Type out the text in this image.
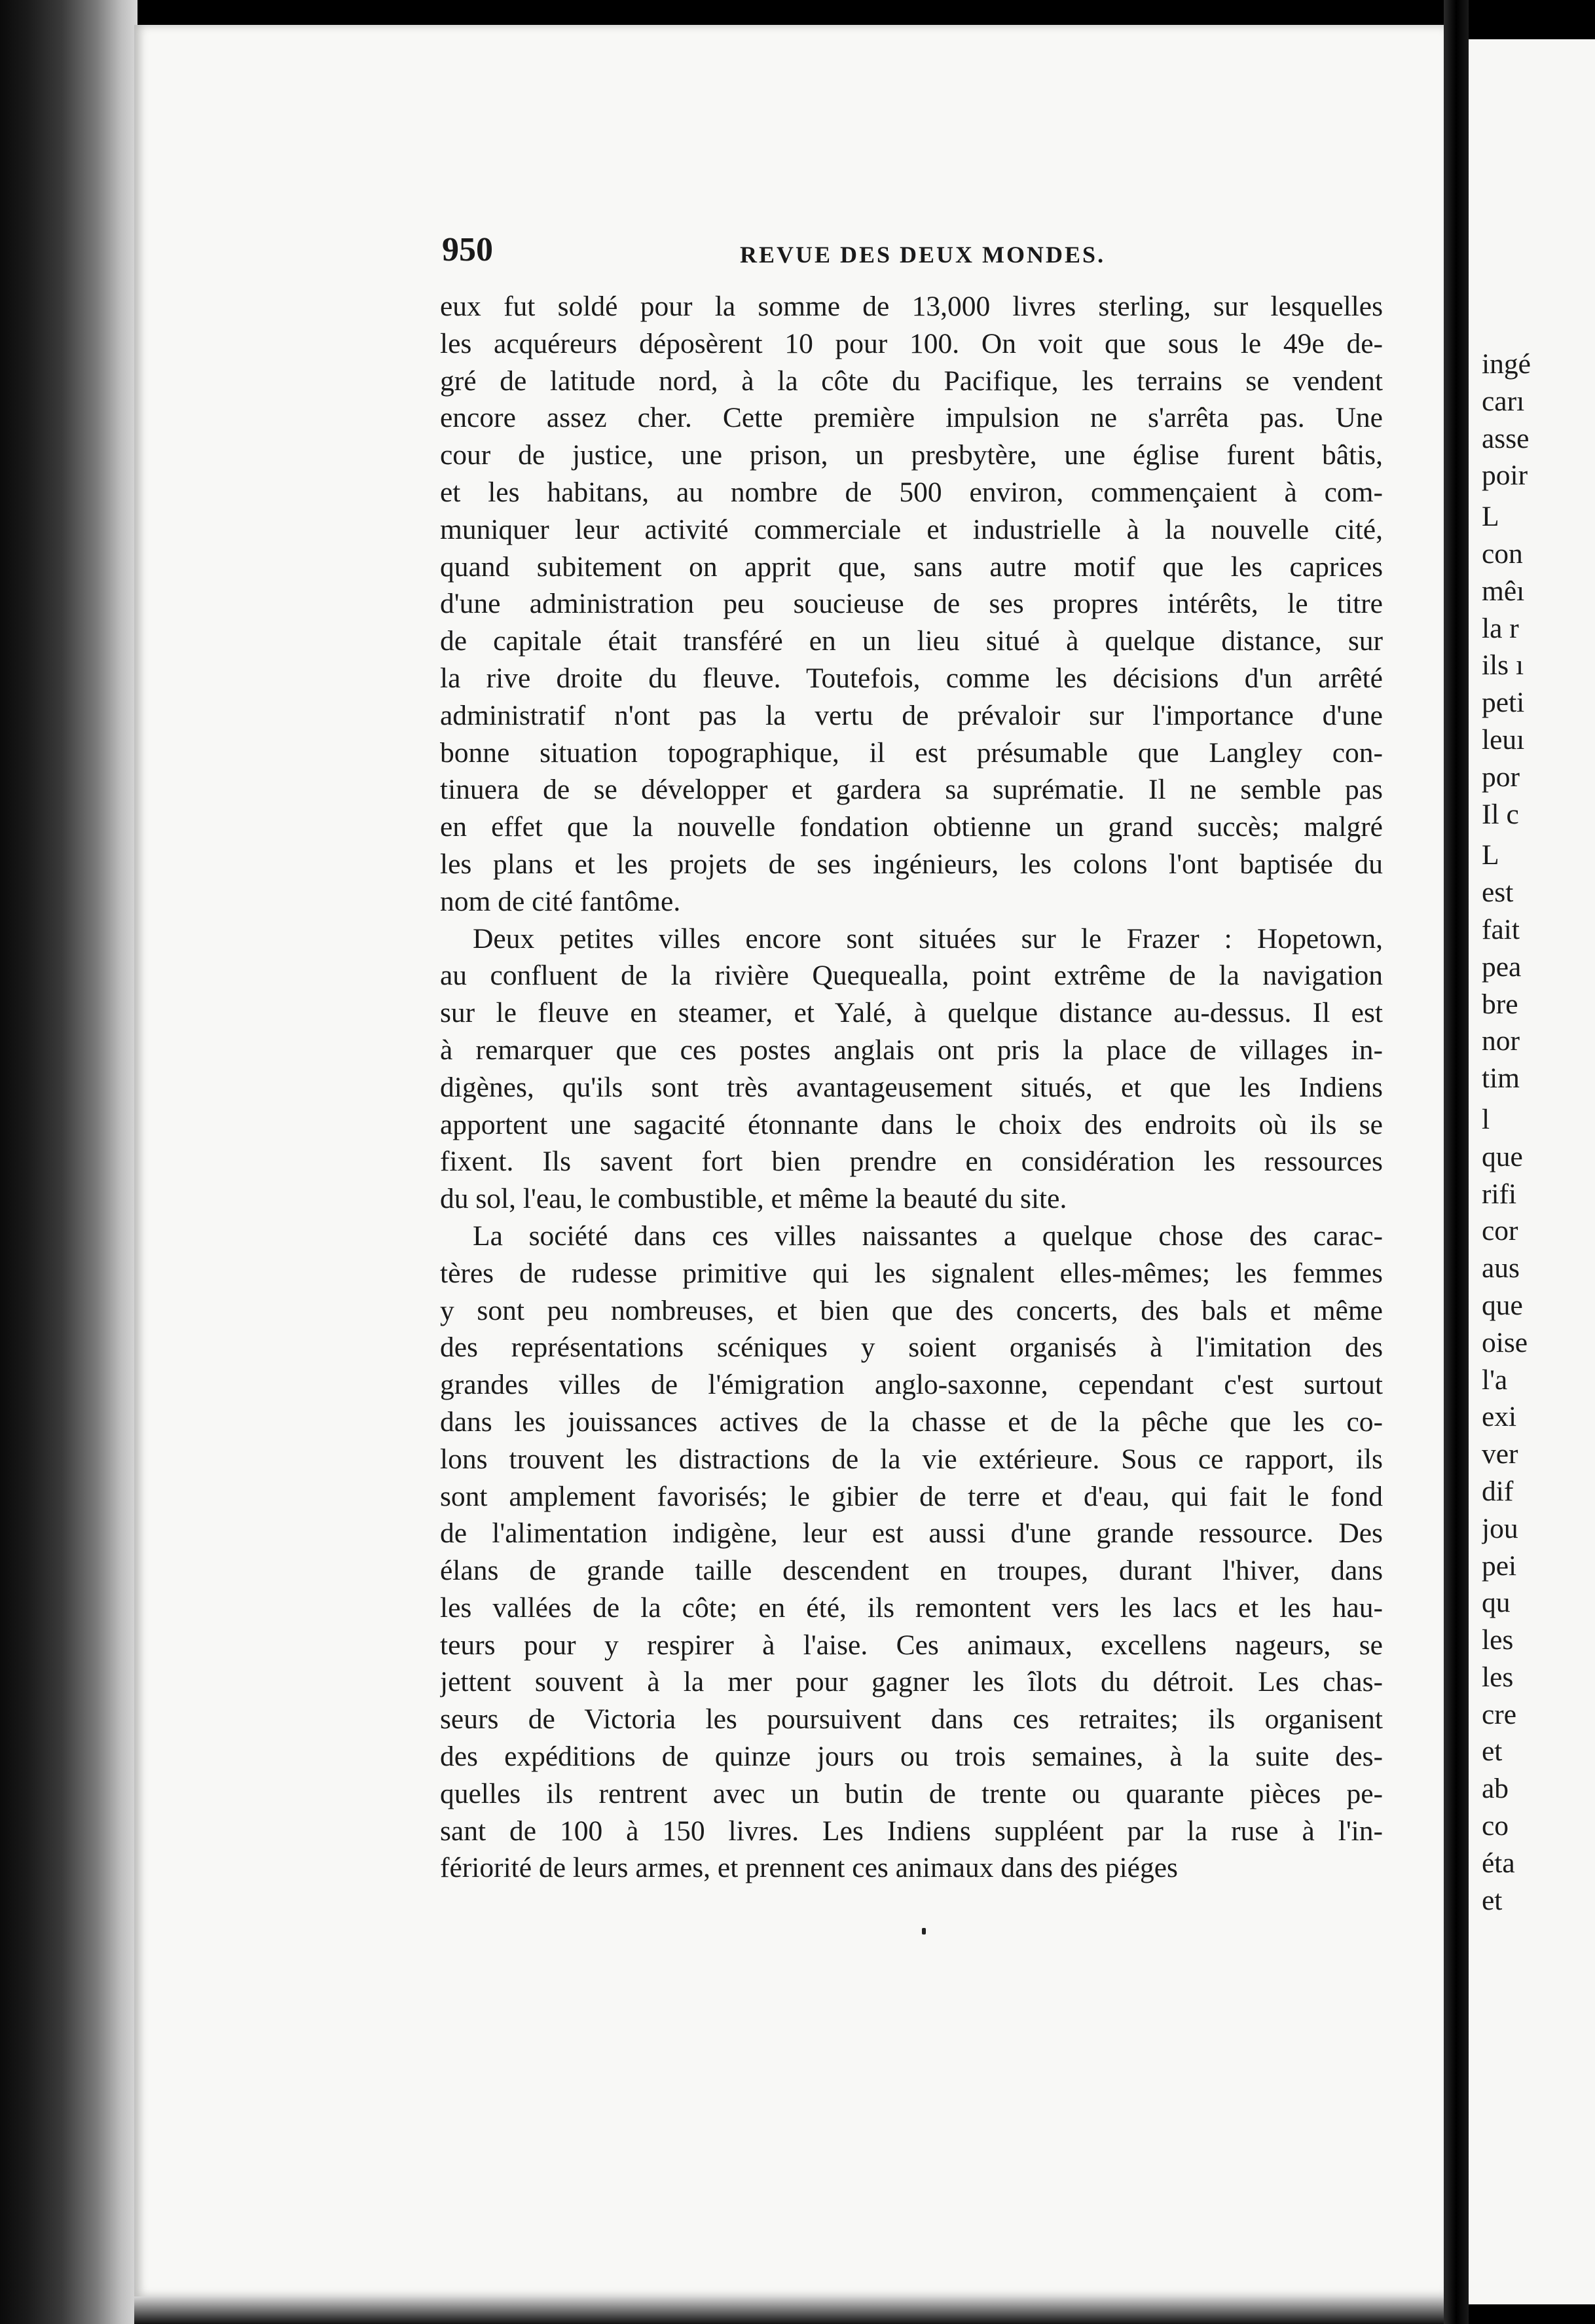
ingé
carı
asse
poir
L
con
mêı
la r
ils ı
peti
leuı
por
Il c
L
est
fait
pea
bre
nor
tim
l
que
rifi
cor
aus
que
oise
l'a
exi
ver
dif
jou
pei
qu
les
les
cre
et
ab
co
éta
et
950	REVUE DES DEUX MONDES.
eux fut soldé pour la somme de 13,000 livres sterling, sur lesquelles
les acquéreurs déposèrent 10 pour 100. On voit que sous le 49e de-
gré de latitude nord, à la côte du Pacifique, les terrains se vendent
encore assez cher. Cette première impulsion ne s'arrêta pas. Une
cour de justice, une prison, un presbytère, une église furent bâtis,
et les habitans, au nombre de 500 environ, commençaient à com-
muniquer leur activité commerciale et industrielle à la nouvelle cité,
quand subitement on apprit que, sans autre motif que les caprices
d'une administration peu soucieuse de ses propres intérêts, le titre
de capitale était transféré en un lieu situé à quelque distance, sur
la rive droite du fleuve. Toutefois, comme les décisions d'un arrêté
administratif n'ont pas la vertu de prévaloir sur l'importance d'une
bonne situation topographique, il est présumable que Langley con-
tinuera de se développer et gardera sa suprématie. Il ne semble pas
en effet que la nouvelle fondation obtienne un grand succès; malgré
les plans et les projets de ses ingénieurs, les colons l'ont baptisée du
nom de cité fantôme.
Deux petites villes encore sont situées sur le Frazer : Hopetown,
au confluent de la rivière Quequealla, point extrême de la navigation
sur le fleuve en steamer, et Yalé, à quelque distance au-dessus. Il est
à remarquer que ces postes anglais ont pris la place de villages in-
digènes, qu'ils sont très avantageusement situés, et que les Indiens
apportent une sagacité étonnante dans le choix des endroits où ils se
fixent. Ils savent fort bien prendre en considération les ressources
du sol, l'eau, le combustible, et même la beauté du site.
La société dans ces villes naissantes a quelque chose des carac-
tères de rudesse primitive qui les signalent elles-mêmes; les femmes
y sont peu nombreuses, et bien que des concerts, des bals et même
des représentations scéniques y soient organisés à l'imitation des
grandes villes de l'émigration anglo-saxonne, cependant c'est surtout
dans les jouissances actives de la chasse et de la pêche que les co-
lons trouvent les distractions de la vie extérieure. Sous ce rapport, ils
sont amplement favorisés; le gibier de terre et d'eau, qui fait le fond
de l'alimentation indigène, leur est aussi d'une grande ressource. Des
élans de grande taille descendent en troupes, durant l'hiver, dans
les vallées de la côte; en été, ils remontent vers les lacs et les hau-
teurs pour y respirer à l'aise. Ces animaux, excellens nageurs, se
jettent souvent à la mer pour gagner les îlots du détroit. Les chas-
seurs de Victoria les poursuivent dans ces retraites; ils organisent
des expéditions de quinze jours ou trois semaines, à la suite des-
quelles ils rentrent avec un butin de trente ou quarante pièces pe-
sant de 100 à 150 livres. Les Indiens suppléent par la ruse à l'in-
fériorité de leurs armes, et prennent ces animaux dans des piéges
